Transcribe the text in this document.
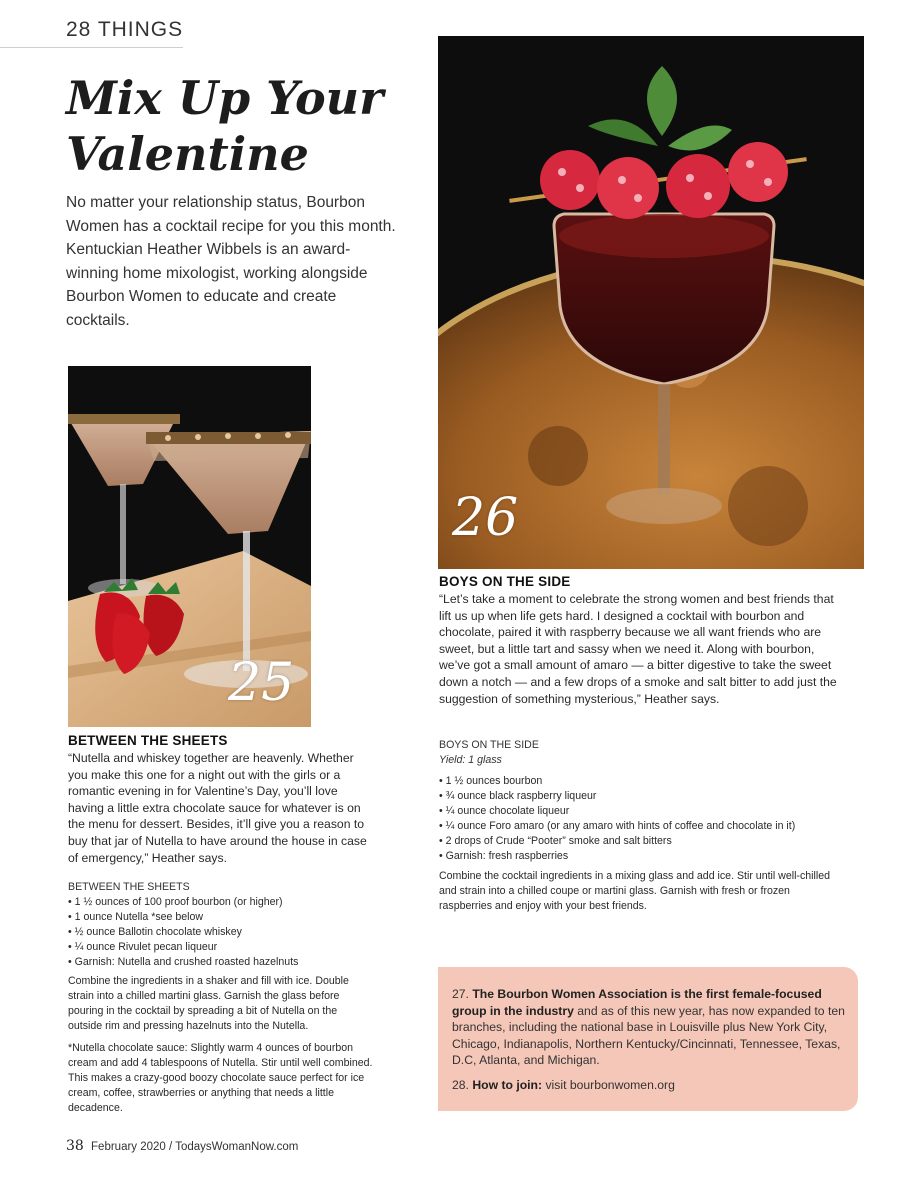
28 THINGS
Mix Up Your
Valentine
No matter your relationship status, Bourbon Women has a cocktail recipe for you this month. Kentuckian Heather Wibbels is an award-winning home mixologist, working alongside Bourbon Women to educate and create cocktails.
25
26
BETWEEN THE SHEETS
“Nutella and whiskey together are heavenly. Whether you make this one for a night out with the girls or a romantic evening in for Valentine’s Day, you’ll love having a little extra chocolate sauce for whatever is on the menu for dessert. Besides, it’ll give you a reason to buy that jar of Nutella to have around the house in case of emergency,” Heather says.
BETWEEN THE SHEETS
• 1 ½ ounces of 100 proof bourbon (or higher)
• 1 ounce Nutella *see below
• ½ ounce Ballotin chocolate whiskey
• ¼ ounce Rivulet pecan liqueur
• Garnish: Nutella and crushed roasted hazelnuts
Combine the ingredients in a shaker and fill with ice. Double strain into a chilled martini glass. Garnish the glass before pouring in the cocktail by spreading a bit of Nutella on the outside rim and pressing hazelnuts into the Nutella.
*Nutella chocolate sauce: Slightly warm 4 ounces of bourbon cream and add 4 tablespoons of Nutella. Stir until well combined. This makes a crazy-good boozy chocolate sauce perfect for ice cream, coffee, strawberries or anything that needs a little decadence.
BOYS ON THE SIDE
“Let’s take a moment to celebrate the strong women and best friends that lift us up when life gets hard. I designed a cocktail with bourbon and chocolate, paired it with raspberry because we all want friends who are sweet, but a little tart and sassy when we need it. Along with bourbon, we’ve got a small amount of amaro — a bitter digestive to take the sweet down a notch — and a few drops of a smoke and salt bitter to add just the suggestion of something mysterious,” Heather says.
BOYS ON THE SIDE
Yield: 1 glass
• 1 ½ ounces bourbon
• ¾ ounce black raspberry liqueur
• ¼ ounce chocolate liqueur
• ¼ ounce Foro amaro (or any amaro with hints of coffee and chocolate in it)
• 2 drops of Crude “Pooter” smoke and salt bitters
• Garnish: fresh raspberries
Combine the cocktail ingredients in a mixing glass and add ice. Stir until well-chilled and strain into a chilled coupe or martini glass. Garnish with fresh or frozen raspberries and enjoy with your best friends.
27. The Bourbon Women Association is the first female-focused group in the industry and as of this new year, has now expanded to ten branches, including the national base in Louisville plus New York City, Chicago, Indianapolis, Northern Kentucky/Cincinnati, Tennessee, Texas, D.C, Atlanta, and Michigan.
28. How to join: visit bourbonwomen.org
38 February 2020 / TodaysWomanNow.com
